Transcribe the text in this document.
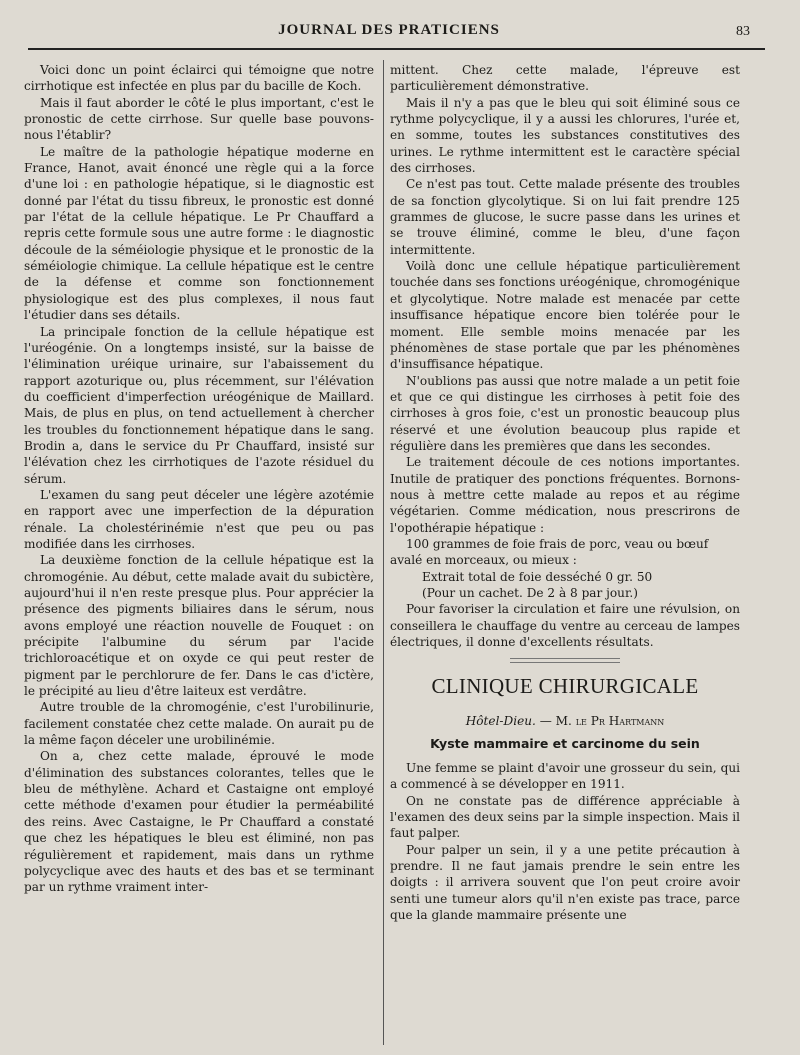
JOURNAL DES PRATICIENS	83

Voici donc un point éclairci qui témoigne que notre cirrhotique est infectée en plus par du bacille de Koch.

Mais il faut aborder le côté le plus important, c'est le pronostic de cette cirrhose. Sur quelle base pouvons-nous l'établir?

Le maître de la pathologie hépatique moderne en France, Hanot, avait énoncé une règle qui a la force d'une loi : en pathologie hépatique, si le diagnostic est donné par l'état du tissu fibreux, le pronostic est donné par l'état de la cellule hépatique. Le Pr Chauffard a repris cette formule sous une autre forme : le diagnostic découle de la séméiologie physique et le pronostic de la séméiologie chimique. La cellule hépatique est le centre de la défense et comme son fonctionnement physiologique est des plus complexes, il nous faut l'étudier dans ses détails.

La principale fonction de la cellule hépatique est l'uréogénie. On a longtemps insisté, sur la baisse de l'élimination uréique urinaire, sur l'abaissement du rapport azoturique ou, plus récemment, sur l'élévation du coefficient d'imperfection uréogénique de Maillard. Mais, de plus en plus, on tend actuellement à chercher les troubles du fonctionnement hépatique dans le sang. Brodin a, dans le service du Pr Chauffard, insisté sur l'élévation chez les cirrhotiques de l'azote résiduel du sérum.

L'examen du sang peut déceler une légère azotémie en rapport avec une imperfection de la dépuration rénale. La cholestérinémie n'est que peu ou pas modifiée dans les cirrhoses.

La deuxième fonction de la cellule hépatique est la chromogénie. Au début, cette malade avait du subictère, aujourd'hui il n'en reste presque plus. Pour apprécier la présence des pigments biliaires dans le sérum, nous avons employé une réaction nouvelle de Fouquet : on précipite l'albumine du sérum par l'acide trichloroacétique et on oxyde ce qui peut rester de pigment par le perchlorure de fer. Dans le cas d'ictère, le précipité au lieu d'être laiteux est verdâtre.

Autre trouble de la chromogénie, c'est l'urobilinurie, facilement constatée chez cette malade. On aurait pu de la même façon déceler une urobilinémie.

On a, chez cette malade, éprouvé le mode d'élimination des substances colorantes, telles que le bleu de méthylène. Achard et Castaigne ont employé cette méthode d'examen pour étudier la perméabilité des reins. Avec Castaigne, le Pr Chauffard a constaté que chez les hépatiques le bleu est éliminé, non pas régulièrement et rapidement, mais dans un rythme polycyclique avec des hauts et des bas et se terminant par un rythme vraiment inter-

mittent. Chez cette malade, l'épreuve est particulièrement démonstrative.

Mais il n'y a pas que le bleu qui soit éliminé sous ce rythme polycyclique, il y a aussi les chlorures, l'urée et, en somme, toutes les substances constitutives des urines. Le rythme intermittent est le caractère spécial des cirrhoses.

Ce n'est pas tout. Cette malade présente des troubles de sa fonction glycolytique. Si on lui fait prendre 125 grammes de glucose, le sucre passe dans les urines et se trouve éliminé, comme le bleu, d'une façon intermittente.

Voilà donc une cellule hépatique particulièrement touchée dans ses fonctions uréogénique, chromogénique et glycolytique. Notre malade est menacée par cette insuffisance hépatique encore bien tolérée pour le moment. Elle semble moins menacée par les phénomènes de stase portale que par les phénomènes d'insuffisance hépatique.

N'oublions pas aussi que notre malade a un petit foie et que ce qui distingue les cirrhoses à petit foie des cirrhoses à gros foie, c'est un pronostic beaucoup plus réservé et une évolution beaucoup plus rapide et régulière dans les premières que dans les secondes.

Le traitement découle de ces notions importantes. Inutile de pratiquer des ponctions fréquentes. Bornons-nous à mettre cette malade au repos et au régime végétarien. Comme médication, nous prescrirons de l'opothérapie hépatique :

100 grammes de foie frais de porc, veau ou bœuf avalé en morceaux, ou mieux :

Extrait total de foie desséché 0 gr. 50

(Pour un cachet. De 2 à 8 par jour.)

Pour favoriser la circulation et faire une révulsion, on conseillera le chauffage du ventre au cerceau de lampes électriques, il donne d'excellents résultats.

CLINIQUE CHIRURGICALE
Hôtel-Dieu. — M. le Pr Hartmann
Kyste mammaire et carcinome du sein

Une femme se plaint d'avoir une grosseur du sein, qui a commencé à se développer en 1911.

On ne constate pas de différence appréciable à l'examen des deux seins par la simple inspection. Mais il faut palper.

Pour palper un sein, il y a une petite précaution à prendre. Il ne faut jamais prendre le sein entre les doigts : il arrivera souvent que l'on peut croire avoir senti une tumeur alors qu'il n'en existe pas trace, parce que la glande mammaire présente une
